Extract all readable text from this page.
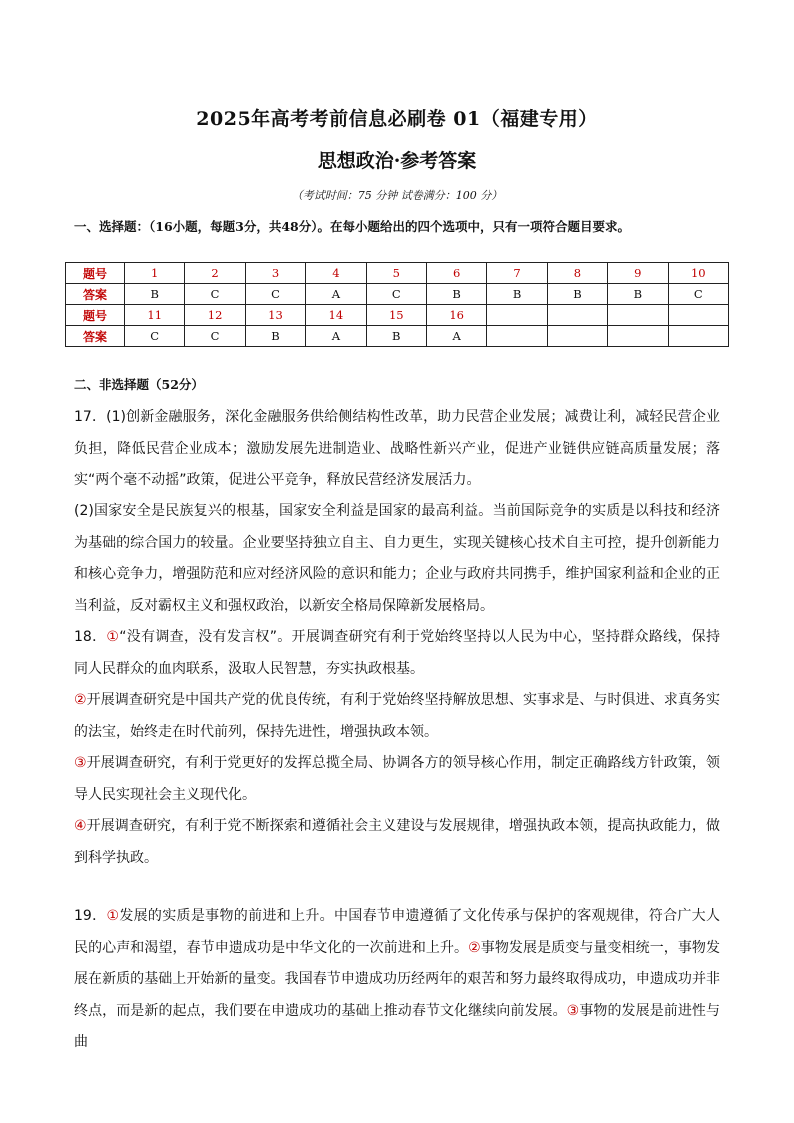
2025年高考考前信息必刷卷 01（福建专用）
思想政治·参考答案
（考试时间：75 分钟 试卷满分：100 分）
一、选择题：（16小题，每题3分，共48分）。在每小题给出的四个选项中，只有一项符合题目要求。
题号	1	2	3	4	5	6	7	8	9	10
答案	B	C	C	A	C	B	B	B	B	C
题号	11	12	13	14	15	16				
答案	C	C	B	A	B	A				
二、非选择题（52分）

17．(1)创新金融服务，深化金融服务供给侧结构性改革，助力民营企业发展；减费让利，减轻民营企业负担，降低民营企业成本；激励发展先进制造业、战略性新兴产业，促进产业链供应链高质量发展；落实“两个毫不动摇”政策，促进公平竞争，释放民营经济发展活力。

(2)国家安全是民族复兴的根基，国家安全利益是国家的最高利益。当前国际竞争的实质是以科技和经济为基础的综合国力的较量。企业要坚持独立自主、自力更生，实现关键核心技术自主可控，提升创新能力和核心竞争力，增强防范和应对经济风险的意识和能力；企业与政府共同携手，维护国家利益和企业的正当利益，反对霸权主义和强权政治，以新安全格局保障新发展格局。

18．①“没有调查，没有发言权”。开展调查研究有利于党始终坚持以人民为中心，坚持群众路线，保持同人民群众的血肉联系，汲取人民智慧，夯实执政根基。

②开展调查研究是中国共产党的优良传统，有利于党始终坚持解放思想、实事求是、与时俱进、求真务实的法宝，始终走在时代前列，保持先进性，增强执政本领。

③开展调查研究，有利于党更好的发挥总揽全局、协调各方的领导核心作用，制定正确路线方针政策，领导人民实现社会主义现代化。

④开展调查研究，有利于党不断探索和遵循社会主义建设与发展规律，增强执政本领，提高执政能力，做到科学执政。

19．①发展的实质是事物的前进和上升。中国春节申遗遵循了文化传承与保护的客观规律，符合广大人民的心声和渴望，春节申遗成功是中华文化的一次前进和上升。②事物发展是质变与量变相统一，事物发展在新质的基础上开始新的量变。我国春节申遗成功历经两年的艰苦和努力最终取得成功，申遗成功并非终点，而是新的起点，我们要在申遗成功的基础上推动春节文化继续向前发展。③事物的发展是前进性与曲
